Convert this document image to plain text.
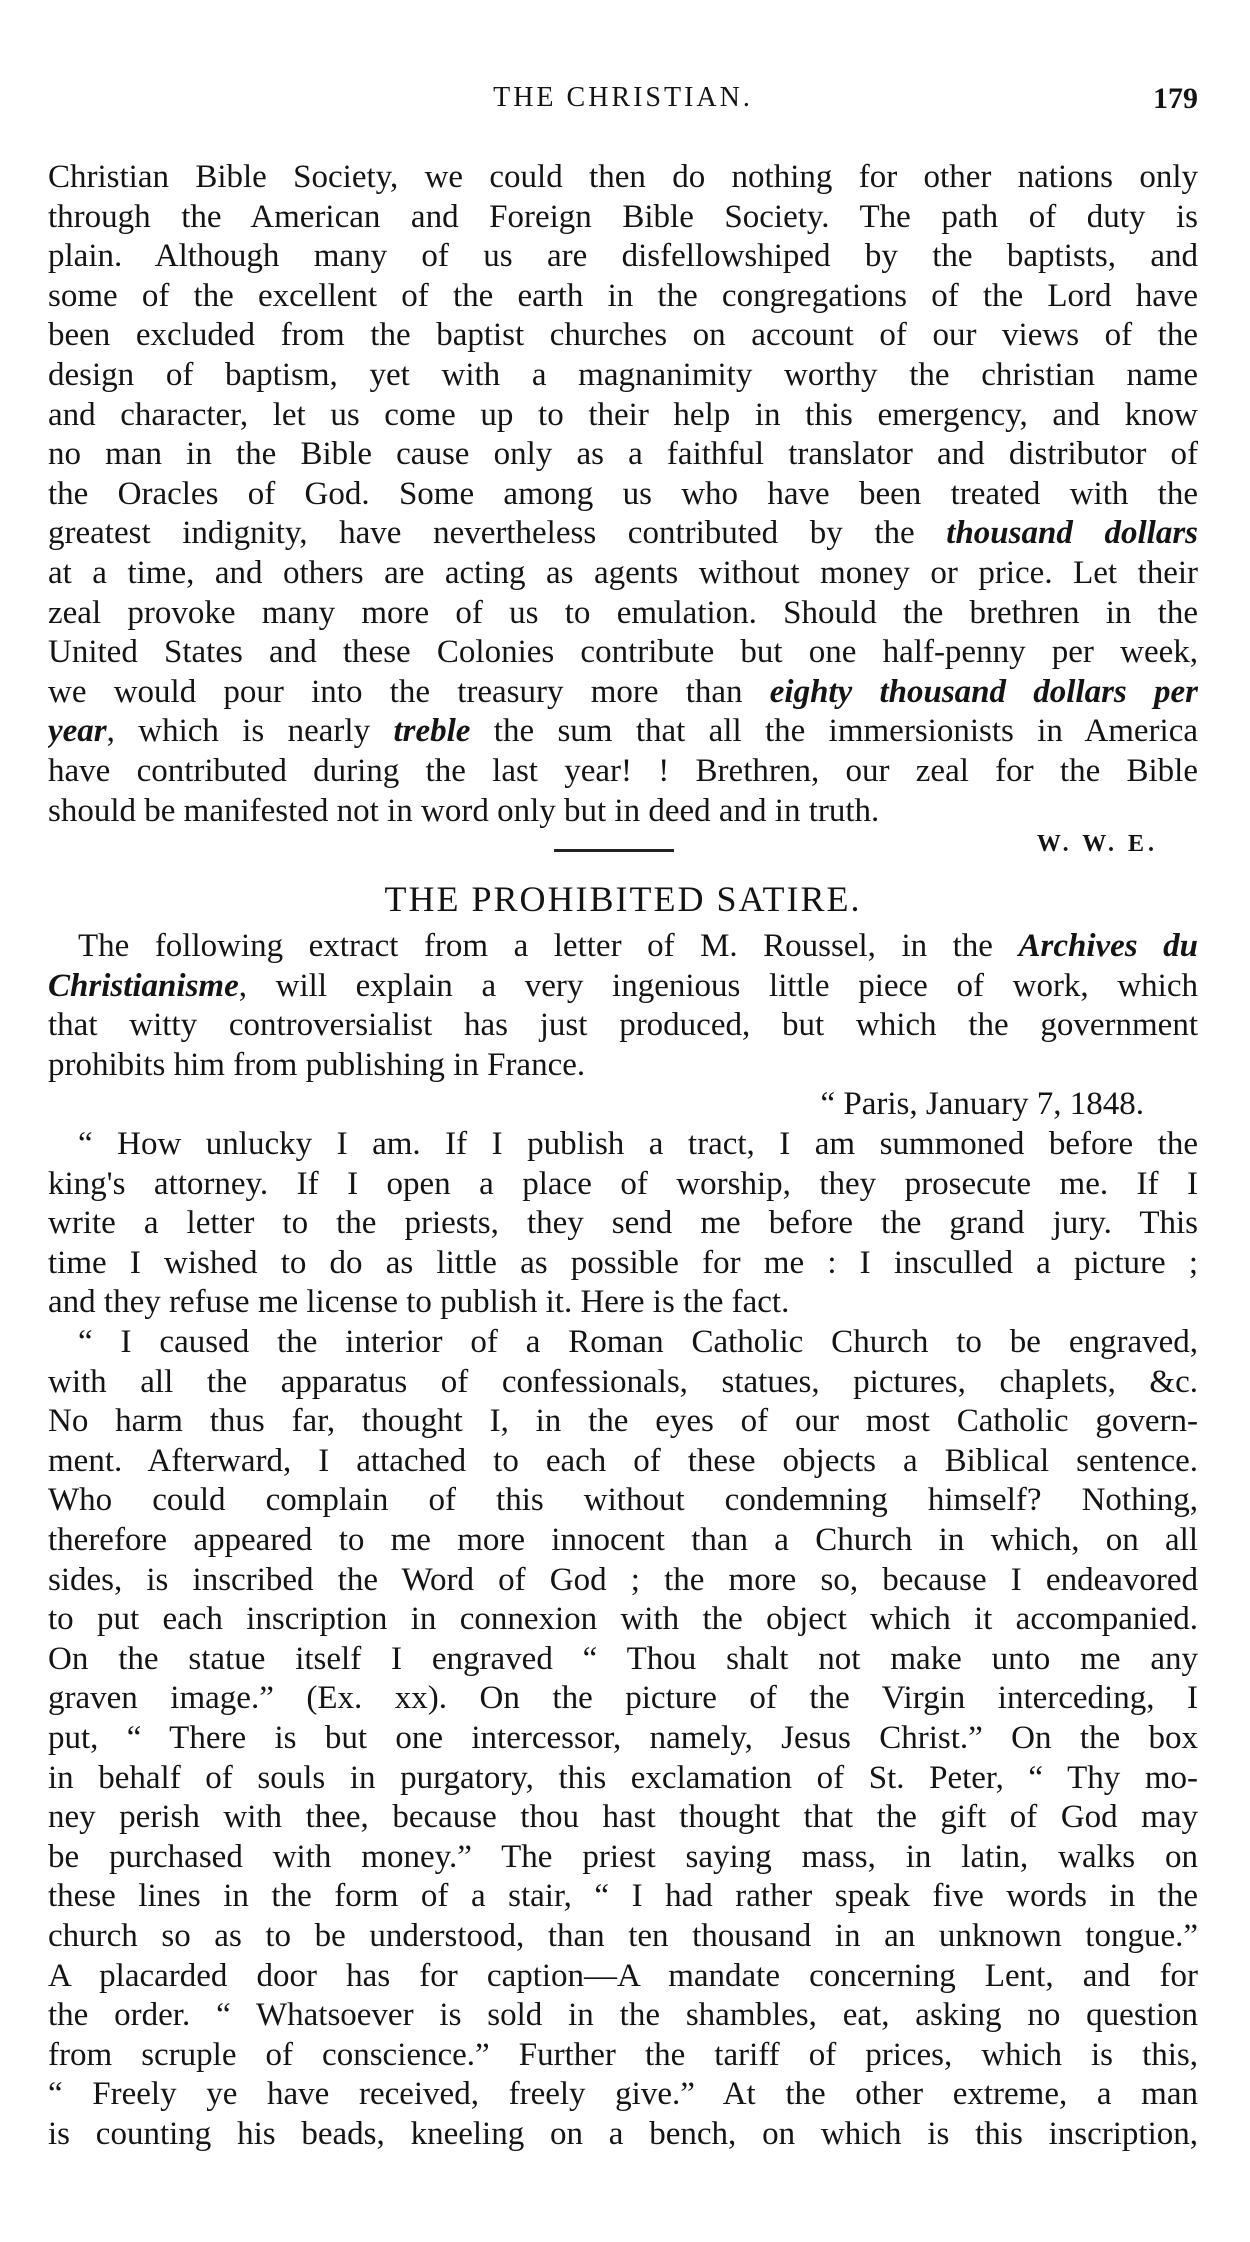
THE CHRISTIAN.	179
Christian Bible Society, we could then do nothing for other nations only
through the American and Foreign Bible Society. The path of duty is
plain. Although many of us are disfellowshiped by the baptists, and
some of the excellent of the earth in the congregations of the Lord have
been excluded from the baptist churches on account of our views of the
design of baptism, yet with a magnanimity worthy the christian name
and character, let us come up to their help in this emergency, and know
no man in the Bible cause only as a faithful translator and distributor of
the Oracles of God. Some among us who have been treated with the
greatest indignity, have nevertheless contributed by the thousand dollars
at a time, and others are acting as agents without money or price. Let their
zeal provoke many more of us to emulation. Should the brethren in the
United States and these Colonies contribute but one half-penny per week,
we would pour into the treasury more than eighty thousand dollars per
year, which is nearly treble the sum that all the immersionists in America
have contributed during the last year! ! Brethren, our zeal for the Bible
should be manifested not in word only but in deed and in truth.
W. W. E.
THE PROHIBITED SATIRE.
The following extract from a letter of M. Roussel, in the Archives du
Christianisme, will explain a very ingenious little piece of work, which
that witty controversialist has just produced, but which the government
prohibits him from publishing in France.
“ Paris, January 7, 1848.
“ How unlucky I am. If I publish a tract, I am summoned before the
king's attorney. If I open a place of worship, they prosecute me. If I
write a letter to the priests, they send me before the grand jury. This
time I wished to do as little as possible for me : I insculled a picture ;
and they refuse me license to publish it. Here is the fact.
“ I caused the interior of a Roman Catholic Church to be engraved,
with all the apparatus of confessionals, statues, pictures, chaplets, &c.
No harm thus far, thought I, in the eyes of our most Catholic govern-
ment. Afterward, I attached to each of these objects a Biblical sentence.
Who could complain of this without condemning himself? Nothing,
therefore appeared to me more innocent than a Church in which, on all
sides, is inscribed the Word of God ; the more so, because I endeavored
to put each inscription in connexion with the object which it accompanied.
On the statue itself I engraved “ Thou shalt not make unto me any
graven image.” (Ex. xx). On the picture of the Virgin interceding, I
put, “ There is but one intercessor, namely, Jesus Christ.” On the box
in behalf of souls in purgatory, this exclamation of St. Peter, “ Thy mo-
ney perish with thee, because thou hast thought that the gift of God may
be purchased with money.” The priest saying mass, in latin, walks on
these lines in the form of a stair, “ I had rather speak five words in the
church so as to be understood, than ten thousand in an unknown tongue.”
A placarded door has for caption—A mandate concerning Lent, and for
the order. “ Whatsoever is sold in the shambles, eat, asking no question
from scruple of conscience.” Further the tariff of prices, which is this,
“ Freely ye have received, freely give.” At the other extreme, a man
is counting his beads, kneeling on a bench, on which is this inscription,
